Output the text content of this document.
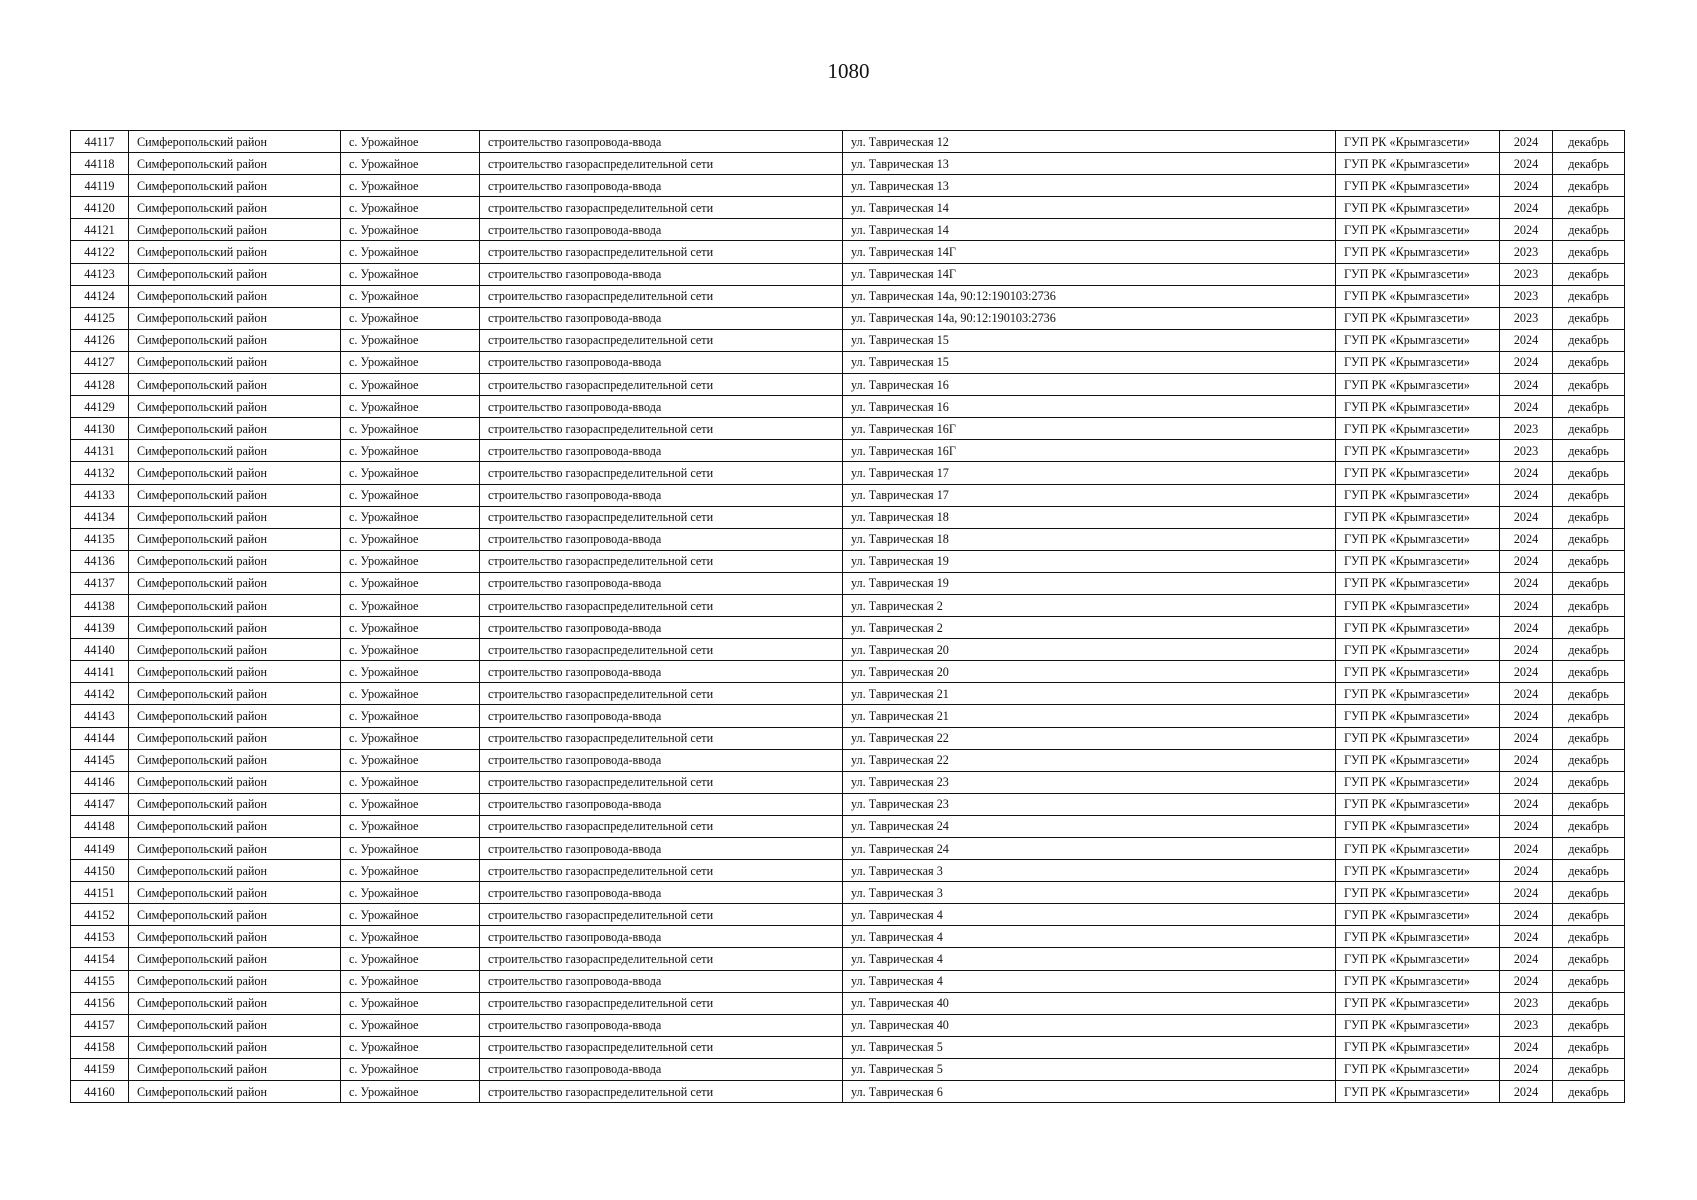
1080
44117	Симферопольский район	с. Урожайное	строительство газопровода-ввода	ул. Таврическая 12	ГУП РК «Крымгазсети»	2024	декабрь
44118	Симферопольский район	с. Урожайное	строительство газораспределительной сети	ул. Таврическая 13	ГУП РК «Крымгазсети»	2024	декабрь
44119	Симферопольский район	с. Урожайное	строительство газопровода-ввода	ул. Таврическая 13	ГУП РК «Крымгазсети»	2024	декабрь
44120	Симферопольский район	с. Урожайное	строительство газораспределительной сети	ул. Таврическая 14	ГУП РК «Крымгазсети»	2024	декабрь
44121	Симферопольский район	с. Урожайное	строительство газопровода-ввода	ул. Таврическая 14	ГУП РК «Крымгазсети»	2024	декабрь
44122	Симферопольский район	с. Урожайное	строительство газораспределительной сети	ул. Таврическая 14Г	ГУП РК «Крымгазсети»	2023	декабрь
44123	Симферопольский район	с. Урожайное	строительство газопровода-ввода	ул. Таврическая 14Г	ГУП РК «Крымгазсети»	2023	декабрь
44124	Симферопольский район	с. Урожайное	строительство газораспределительной сети	ул. Таврическая 14а, 90:12:190103:2736	ГУП РК «Крымгазсети»	2023	декабрь
44125	Симферопольский район	с. Урожайное	строительство газопровода-ввода	ул. Таврическая 14а, 90:12:190103:2736	ГУП РК «Крымгазсети»	2023	декабрь
44126	Симферопольский район	с. Урожайное	строительство газораспределительной сети	ул. Таврическая 15	ГУП РК «Крымгазсети»	2024	декабрь
44127	Симферопольский район	с. Урожайное	строительство газопровода-ввода	ул. Таврическая 15	ГУП РК «Крымгазсети»	2024	декабрь
44128	Симферопольский район	с. Урожайное	строительство газораспределительной сети	ул. Таврическая 16	ГУП РК «Крымгазсети»	2024	декабрь
44129	Симферопольский район	с. Урожайное	строительство газопровода-ввода	ул. Таврическая 16	ГУП РК «Крымгазсети»	2024	декабрь
44130	Симферопольский район	с. Урожайное	строительство газораспределительной сети	ул. Таврическая 16Г	ГУП РК «Крымгазсети»	2023	декабрь
44131	Симферопольский район	с. Урожайное	строительство газопровода-ввода	ул. Таврическая 16Г	ГУП РК «Крымгазсети»	2023	декабрь
44132	Симферопольский район	с. Урожайное	строительство газораспределительной сети	ул. Таврическая 17	ГУП РК «Крымгазсети»	2024	декабрь
44133	Симферопольский район	с. Урожайное	строительство газопровода-ввода	ул. Таврическая 17	ГУП РК «Крымгазсети»	2024	декабрь
44134	Симферопольский район	с. Урожайное	строительство газораспределительной сети	ул. Таврическая 18	ГУП РК «Крымгазсети»	2024	декабрь
44135	Симферопольский район	с. Урожайное	строительство газопровода-ввода	ул. Таврическая 18	ГУП РК «Крымгазсети»	2024	декабрь
44136	Симферопольский район	с. Урожайное	строительство газораспределительной сети	ул. Таврическая 19	ГУП РК «Крымгазсети»	2024	декабрь
44137	Симферопольский район	с. Урожайное	строительство газопровода-ввода	ул. Таврическая 19	ГУП РК «Крымгазсети»	2024	декабрь
44138	Симферопольский район	с. Урожайное	строительство газораспределительной сети	ул. Таврическая 2	ГУП РК «Крымгазсети»	2024	декабрь
44139	Симферопольский район	с. Урожайное	строительство газопровода-ввода	ул. Таврическая 2	ГУП РК «Крымгазсети»	2024	декабрь
44140	Симферопольский район	с. Урожайное	строительство газораспределительной сети	ул. Таврическая 20	ГУП РК «Крымгазсети»	2024	декабрь
44141	Симферопольский район	с. Урожайное	строительство газопровода-ввода	ул. Таврическая 20	ГУП РК «Крымгазсети»	2024	декабрь
44142	Симферопольский район	с. Урожайное	строительство газораспределительной сети	ул. Таврическая 21	ГУП РК «Крымгазсети»	2024	декабрь
44143	Симферопольский район	с. Урожайное	строительство газопровода-ввода	ул. Таврическая 21	ГУП РК «Крымгазсети»	2024	декабрь
44144	Симферопольский район	с. Урожайное	строительство газораспределительной сети	ул. Таврическая 22	ГУП РК «Крымгазсети»	2024	декабрь
44145	Симферопольский район	с. Урожайное	строительство газопровода-ввода	ул. Таврическая 22	ГУП РК «Крымгазсети»	2024	декабрь
44146	Симферопольский район	с. Урожайное	строительство газораспределительной сети	ул. Таврическая 23	ГУП РК «Крымгазсети»	2024	декабрь
44147	Симферопольский район	с. Урожайное	строительство газопровода-ввода	ул. Таврическая 23	ГУП РК «Крымгазсети»	2024	декабрь
44148	Симферопольский район	с. Урожайное	строительство газораспределительной сети	ул. Таврическая 24	ГУП РК «Крымгазсети»	2024	декабрь
44149	Симферопольский район	с. Урожайное	строительство газопровода-ввода	ул. Таврическая 24	ГУП РК «Крымгазсети»	2024	декабрь
44150	Симферопольский район	с. Урожайное	строительство газораспределительной сети	ул. Таврическая 3	ГУП РК «Крымгазсети»	2024	декабрь
44151	Симферопольский район	с. Урожайное	строительство газопровода-ввода	ул. Таврическая 3	ГУП РК «Крымгазсети»	2024	декабрь
44152	Симферопольский район	с. Урожайное	строительство газораспределительной сети	ул. Таврическая 4	ГУП РК «Крымгазсети»	2024	декабрь
44153	Симферопольский район	с. Урожайное	строительство газопровода-ввода	ул. Таврическая 4	ГУП РК «Крымгазсети»	2024	декабрь
44154	Симферопольский район	с. Урожайное	строительство газораспределительной сети	ул. Таврическая 4	ГУП РК «Крымгазсети»	2024	декабрь
44155	Симферопольский район	с. Урожайное	строительство газопровода-ввода	ул. Таврическая 4	ГУП РК «Крымгазсети»	2024	декабрь
44156	Симферопольский район	с. Урожайное	строительство газораспределительной сети	ул. Таврическая 40	ГУП РК «Крымгазсети»	2023	декабрь
44157	Симферопольский район	с. Урожайное	строительство газопровода-ввода	ул. Таврическая 40	ГУП РК «Крымгазсети»	2023	декабрь
44158	Симферопольский район	с. Урожайное	строительство газораспределительной сети	ул. Таврическая 5	ГУП РК «Крымгазсети»	2024	декабрь
44159	Симферопольский район	с. Урожайное	строительство газопровода-ввода	ул. Таврическая 5	ГУП РК «Крымгазсети»	2024	декабрь
44160	Симферопольский район	с. Урожайное	строительство газораспределительной сети	ул. Таврическая 6	ГУП РК «Крымгазсети»	2024	декабрь
